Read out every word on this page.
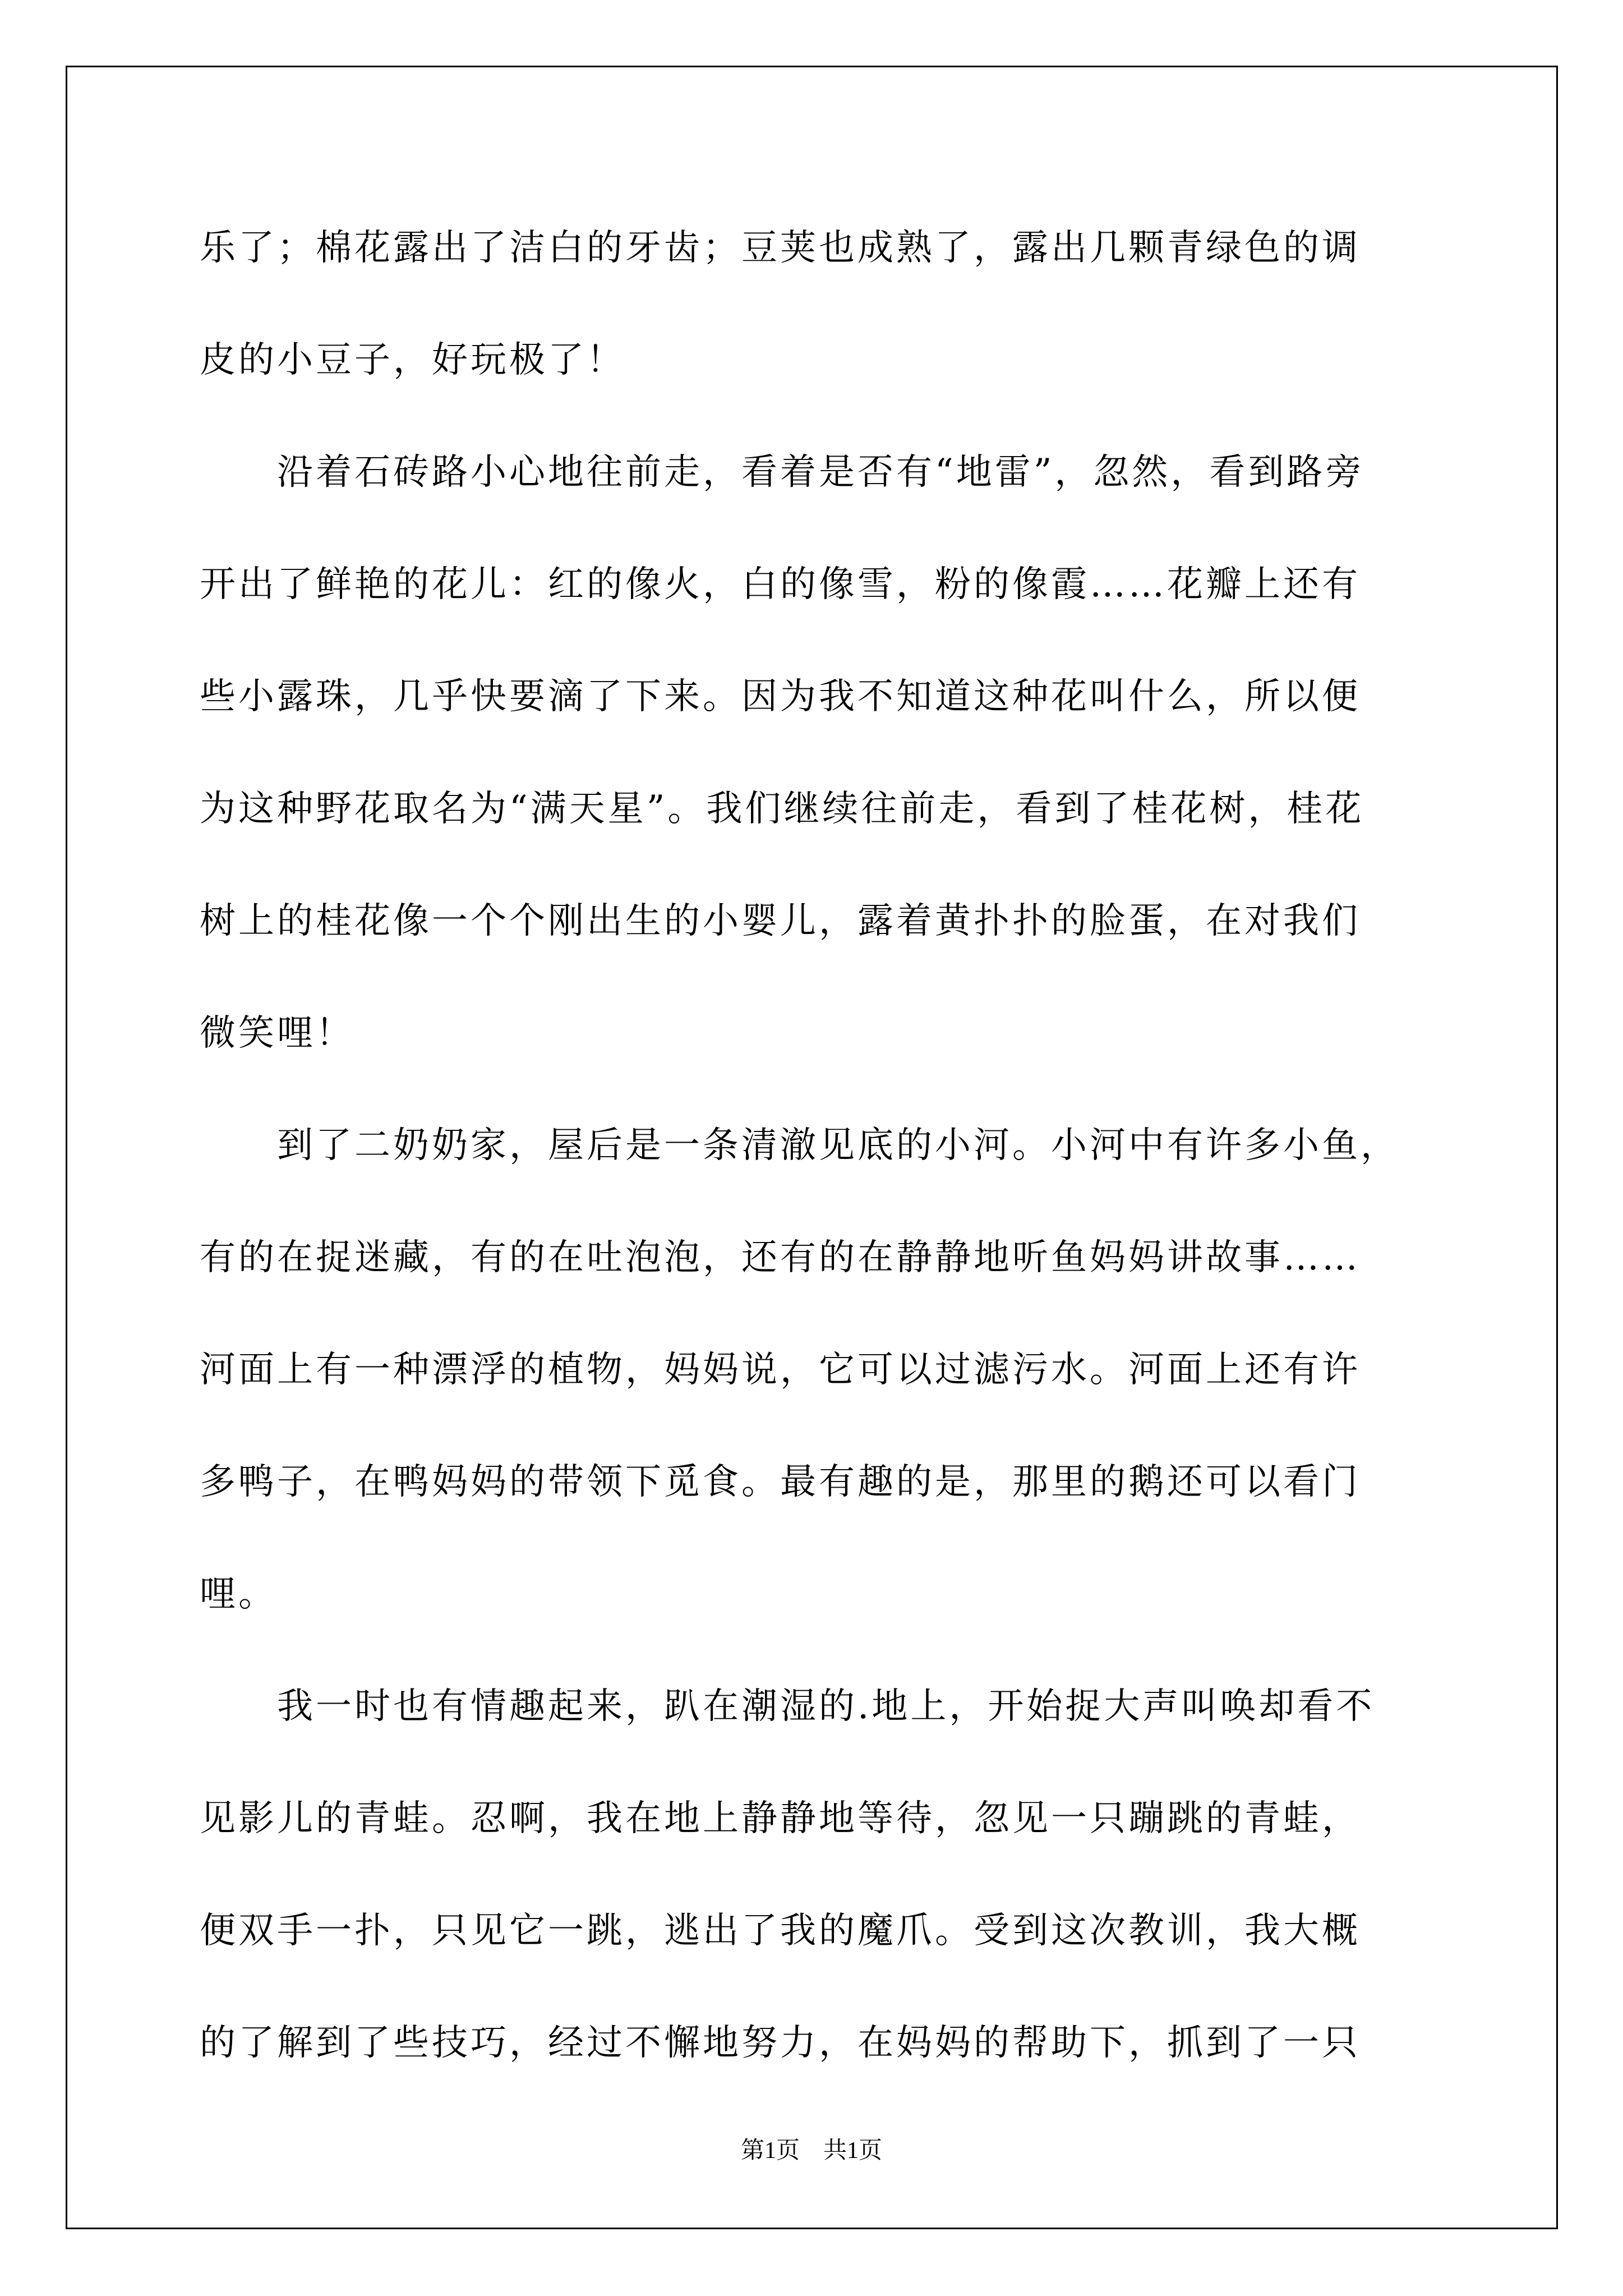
乐了；棉花露出了洁白的牙齿；豆荚也成熟了，露出几颗青绿色的调
皮的小豆子，好玩极了！
　　沿着石砖路小心地往前走，看着是否有“地雷”，忽然，看到路旁
开出了鲜艳的花儿：红的像火，白的像雪，粉的像霞……花瓣上还有
些小露珠，几乎快要滴了下来。因为我不知道这种花叫什么，所以便
为这种野花取名为“满天星”。我们继续往前走，看到了桂花树，桂花
树上的桂花像一个个刚出生的小婴儿，露着黄扑扑的脸蛋，在对我们
微笑哩！
　　到了二奶奶家，屋后是一条清澈见底的小河。小河中有许多小鱼，
有的在捉迷藏，有的在吐泡泡，还有的在静静地听鱼妈妈讲故事……
河面上有一种漂浮的植物，妈妈说，它可以过滤污水。河面上还有许
多鸭子，在鸭妈妈的带领下觅食。最有趣的是，那里的鹅还可以看门
哩。
　　我一时也有情趣起来，趴在潮湿的.地上，开始捉大声叫唤却看不
见影儿的青蛙。忍啊，我在地上静静地等待，忽见一只蹦跳的青蛙，
便双手一扑，只见它一跳，逃出了我的魔爪。受到这次教训，我大概
的了解到了些技巧，经过不懈地努力，在妈妈的帮助下，抓到了一只
第1页　共1页
